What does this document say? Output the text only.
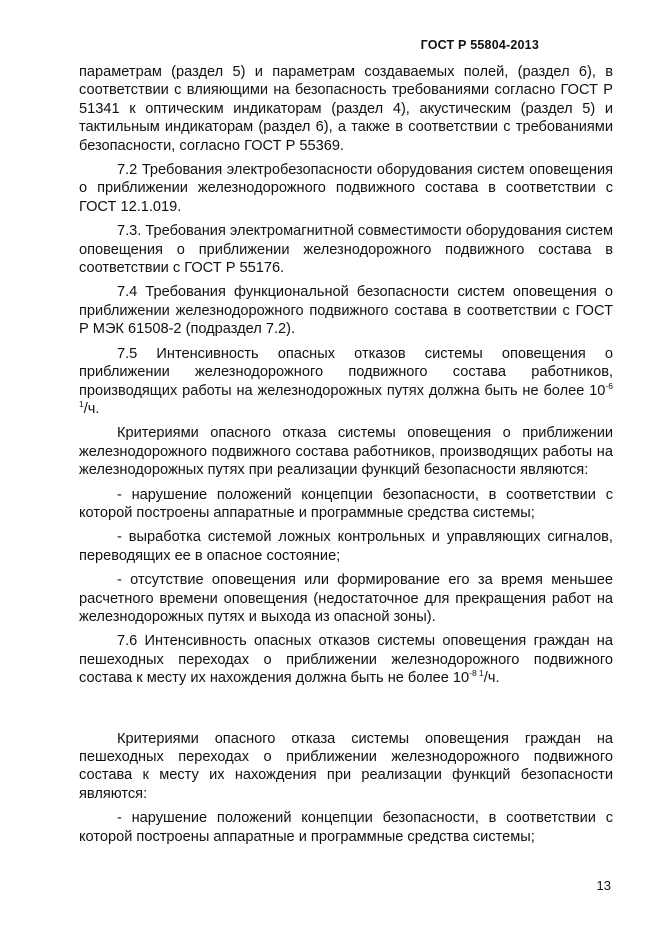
ГОСТ Р 55804-2013

параметрам (раздел 5) и параметрам создаваемых полей, (раздел 6), в соответствии с влияющими на безопасность требованиями согласно ГОСТ Р 51341 к оптическим индикаторам (раздел 4), акустическим (раздел 5) и тактильным индикаторам (раздел 6), а также в соответствии с требованиями безопасности, согласно ГОСТ Р 55369.

7.2 Требования электробезопасности оборудования систем оповещения о приближении железнодорожного подвижного состава в соответствии с ГОСТ 12.1.019.

7.3. Требования электромагнитной совместимости оборудования систем оповещения о приближении железнодорожного подвижного состава в соответствии с ГОСТ Р 55176.

7.4 Требования функциональной безопасности систем оповещения о приближении железнодорожного подвижного состава в соответствии с ГОСТ Р МЭК 61508-2 (подраздел 7.2).

7.5 Интенсивность опасных отказов системы оповещения о приближении железнодорожного подвижного состава работников, производящих работы на железнодорожных путях должна быть не более $10^{-6 1}/ч$.

Критериями опасного отказа системы оповещения о приближении железнодорожного подвижного состава работников, производящих работы на железнодорожных путях при реализации функций безопасности являются:

- нарушение положений концепции безопасности, в соответствии с которой построены аппаратные и программные средства системы;

- выработка системой ложных контрольных и управляющих сигналов, переводящих ее в опасное состояние;

- отсутствие оповещения или формирование его за время меньшее расчетного времени оповещения (недостаточное для прекращения работ на железнодорожных путях и выхода из опасной зоны).

7.6 Интенсивность опасных отказов системы оповещения граждан на пешеходных переходах о приближении железнодорожного подвижного состава к месту их нахождения должна быть не более $10^{-8 1}/ч$.

Критериями опасного отказа системы оповещения граждан на пешеходных переходах о приближении железнодорожного подвижного состава к месту их нахождения при реализации функций безопасности являются:

- нарушение положений концепции безопасности, в соответствии с которой построены аппаратные и программные средства системы;

13
